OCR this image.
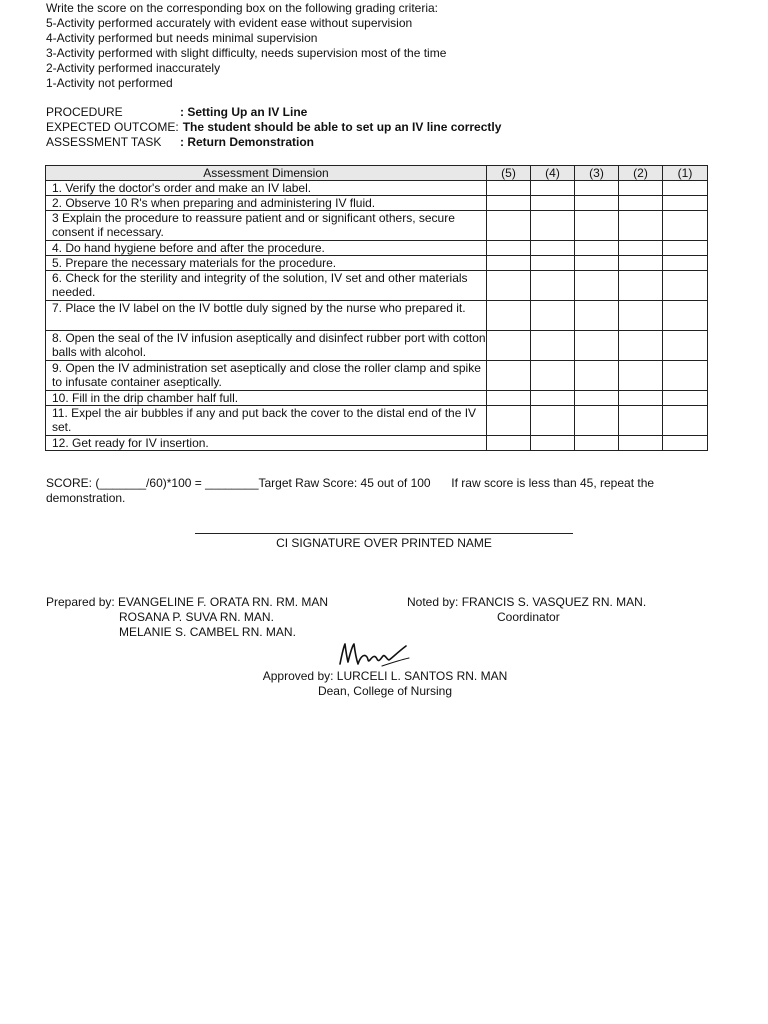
Write the score on the corresponding box on the following grading criteria:
5-Activity performed accurately with evident ease without supervision
4-Activity performed but needs minimal supervision
3-Activity performed with slight difficulty, needs supervision most of the time
2-Activity performed inaccurately
1-Activity not performed
PROCEDURE	: Setting Up an IV Line
EXPECTED OUTCOME: The student should be able to set up an IV line correctly
ASSESSMENT TASK	: Return Demonstration
Assessment Dimension	(5)	(4)	(3)	(2)	(1)
1. Verify the doctor's order and make an IV label.					
2. Observe 10 R's when preparing and administering IV fluid.					
3 Explain the procedure to reassure patient and or significant others, secure consent if necessary.					
4. Do hand hygiene before and after the procedure.					
5. Prepare the necessary materials for the procedure.					
6. Check for the sterility and integrity of the solution, IV set and other materials needed.					
7. Place the IV label on the IV bottle duly signed by the nurse who prepared it.					
8. Open the seal of the IV infusion aseptically and disinfect rubber port with cotton balls with alcohol.					
9. Open the IV administration set aseptically and close the roller clamp and spike to infusate container aseptically.					
10. Fill in the drip chamber half full.					
11. Expel the air bubbles if any and put back the cover to the distal end of the IV set.					
12. Get ready for IV insertion.					
SCORE: (_______/60)*100 = ________Target Raw Score: 45 out of 100 If raw score is less than 45, repeat the demonstration.
CI SIGNATURE OVER PRINTED NAME
Prepared by: EVANGELINE F. ORATA RN. RM. MAN
ROSANA P. SUVA RN. MAN.
MELANIE S. CAMBEL RN. MAN.
Noted by: FRANCIS S. VASQUEZ RN. MAN.
Coordinator
Approved by: LURCELI L. SANTOS RN. MAN
Dean, College of Nursing
